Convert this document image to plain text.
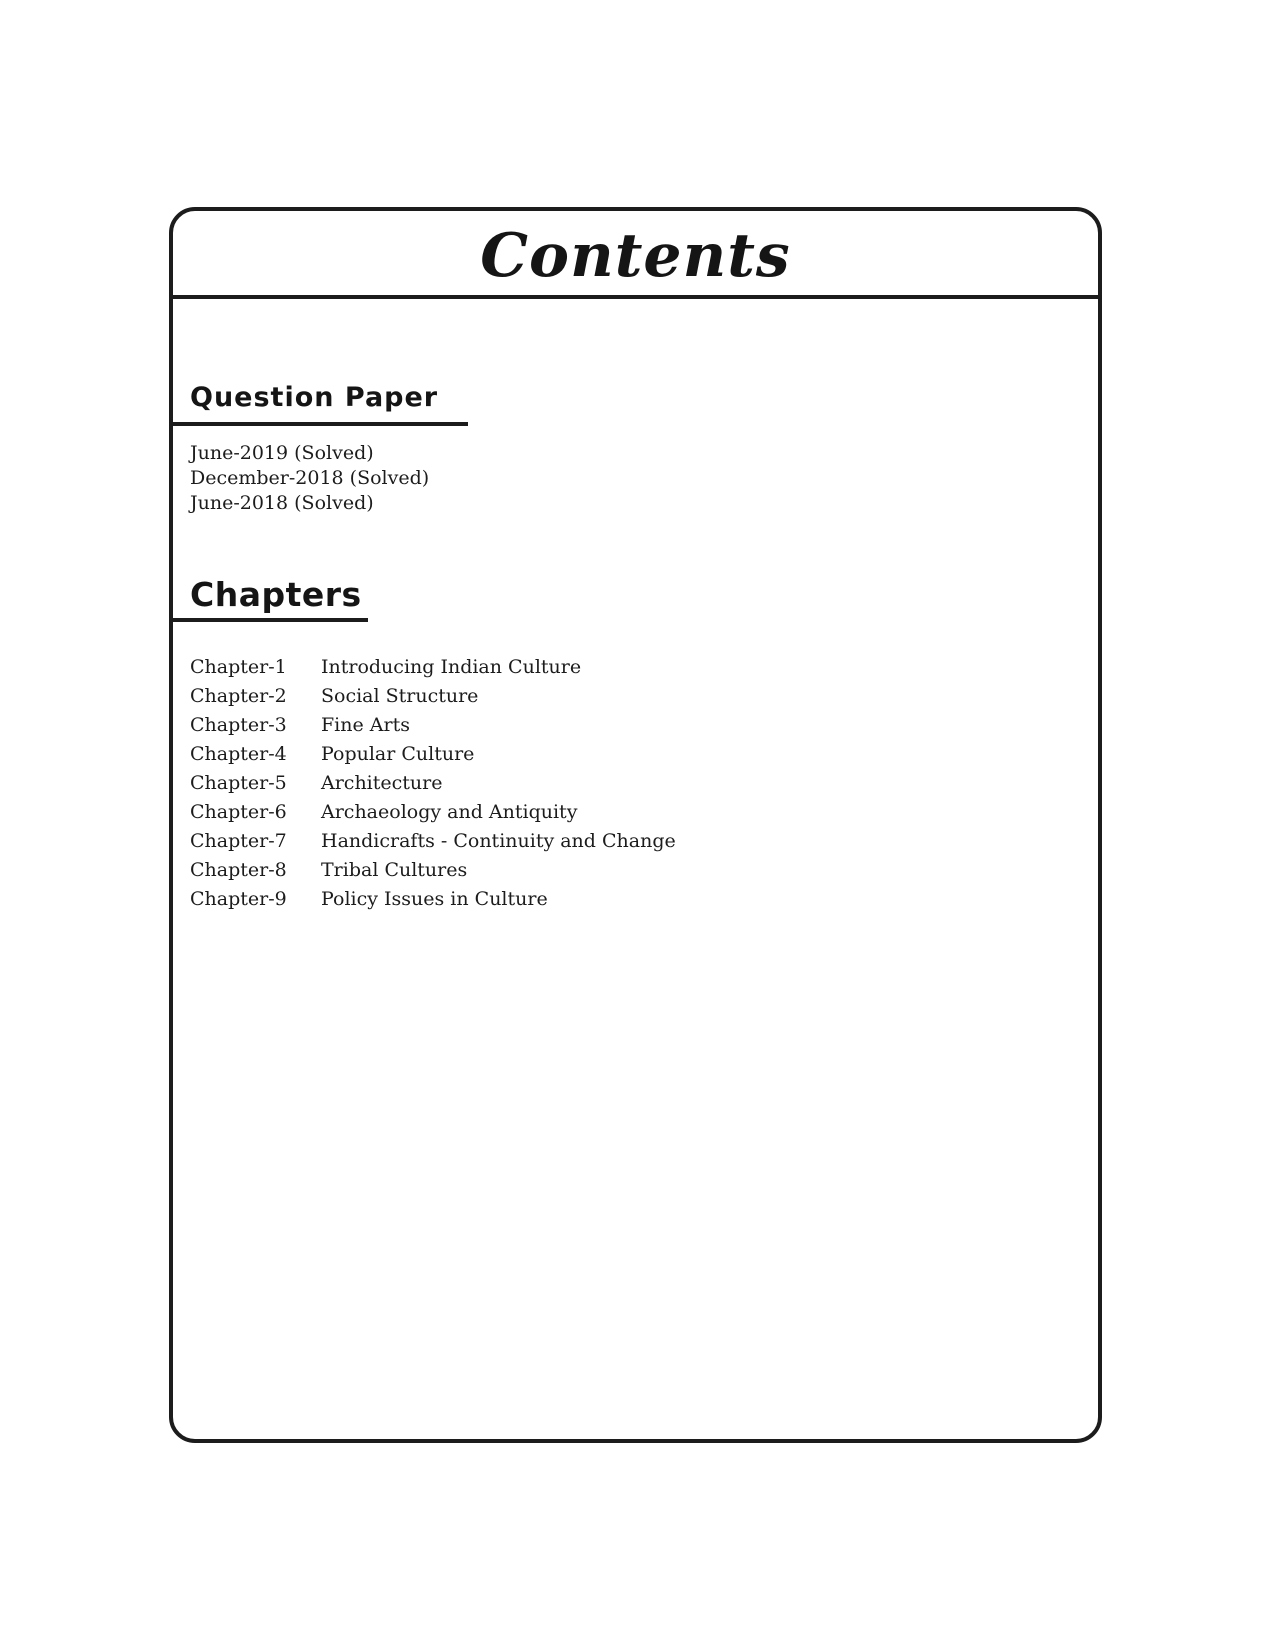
Contents
Question Paper
June-2019 (Solved)
December-2018 (Solved)
June-2018 (Solved)
Chapters
Chapter-1	Introducing Indian Culture
Chapter-2	Social Structure
Chapter-3	Fine Arts
Chapter-4	Popular Culture
Chapter-5	Architecture
Chapter-6	Archaeology and Antiquity
Chapter-7	Handicrafts - Continuity and Change
Chapter-8	Tribal Cultures
Chapter-9	Policy Issues in Culture
